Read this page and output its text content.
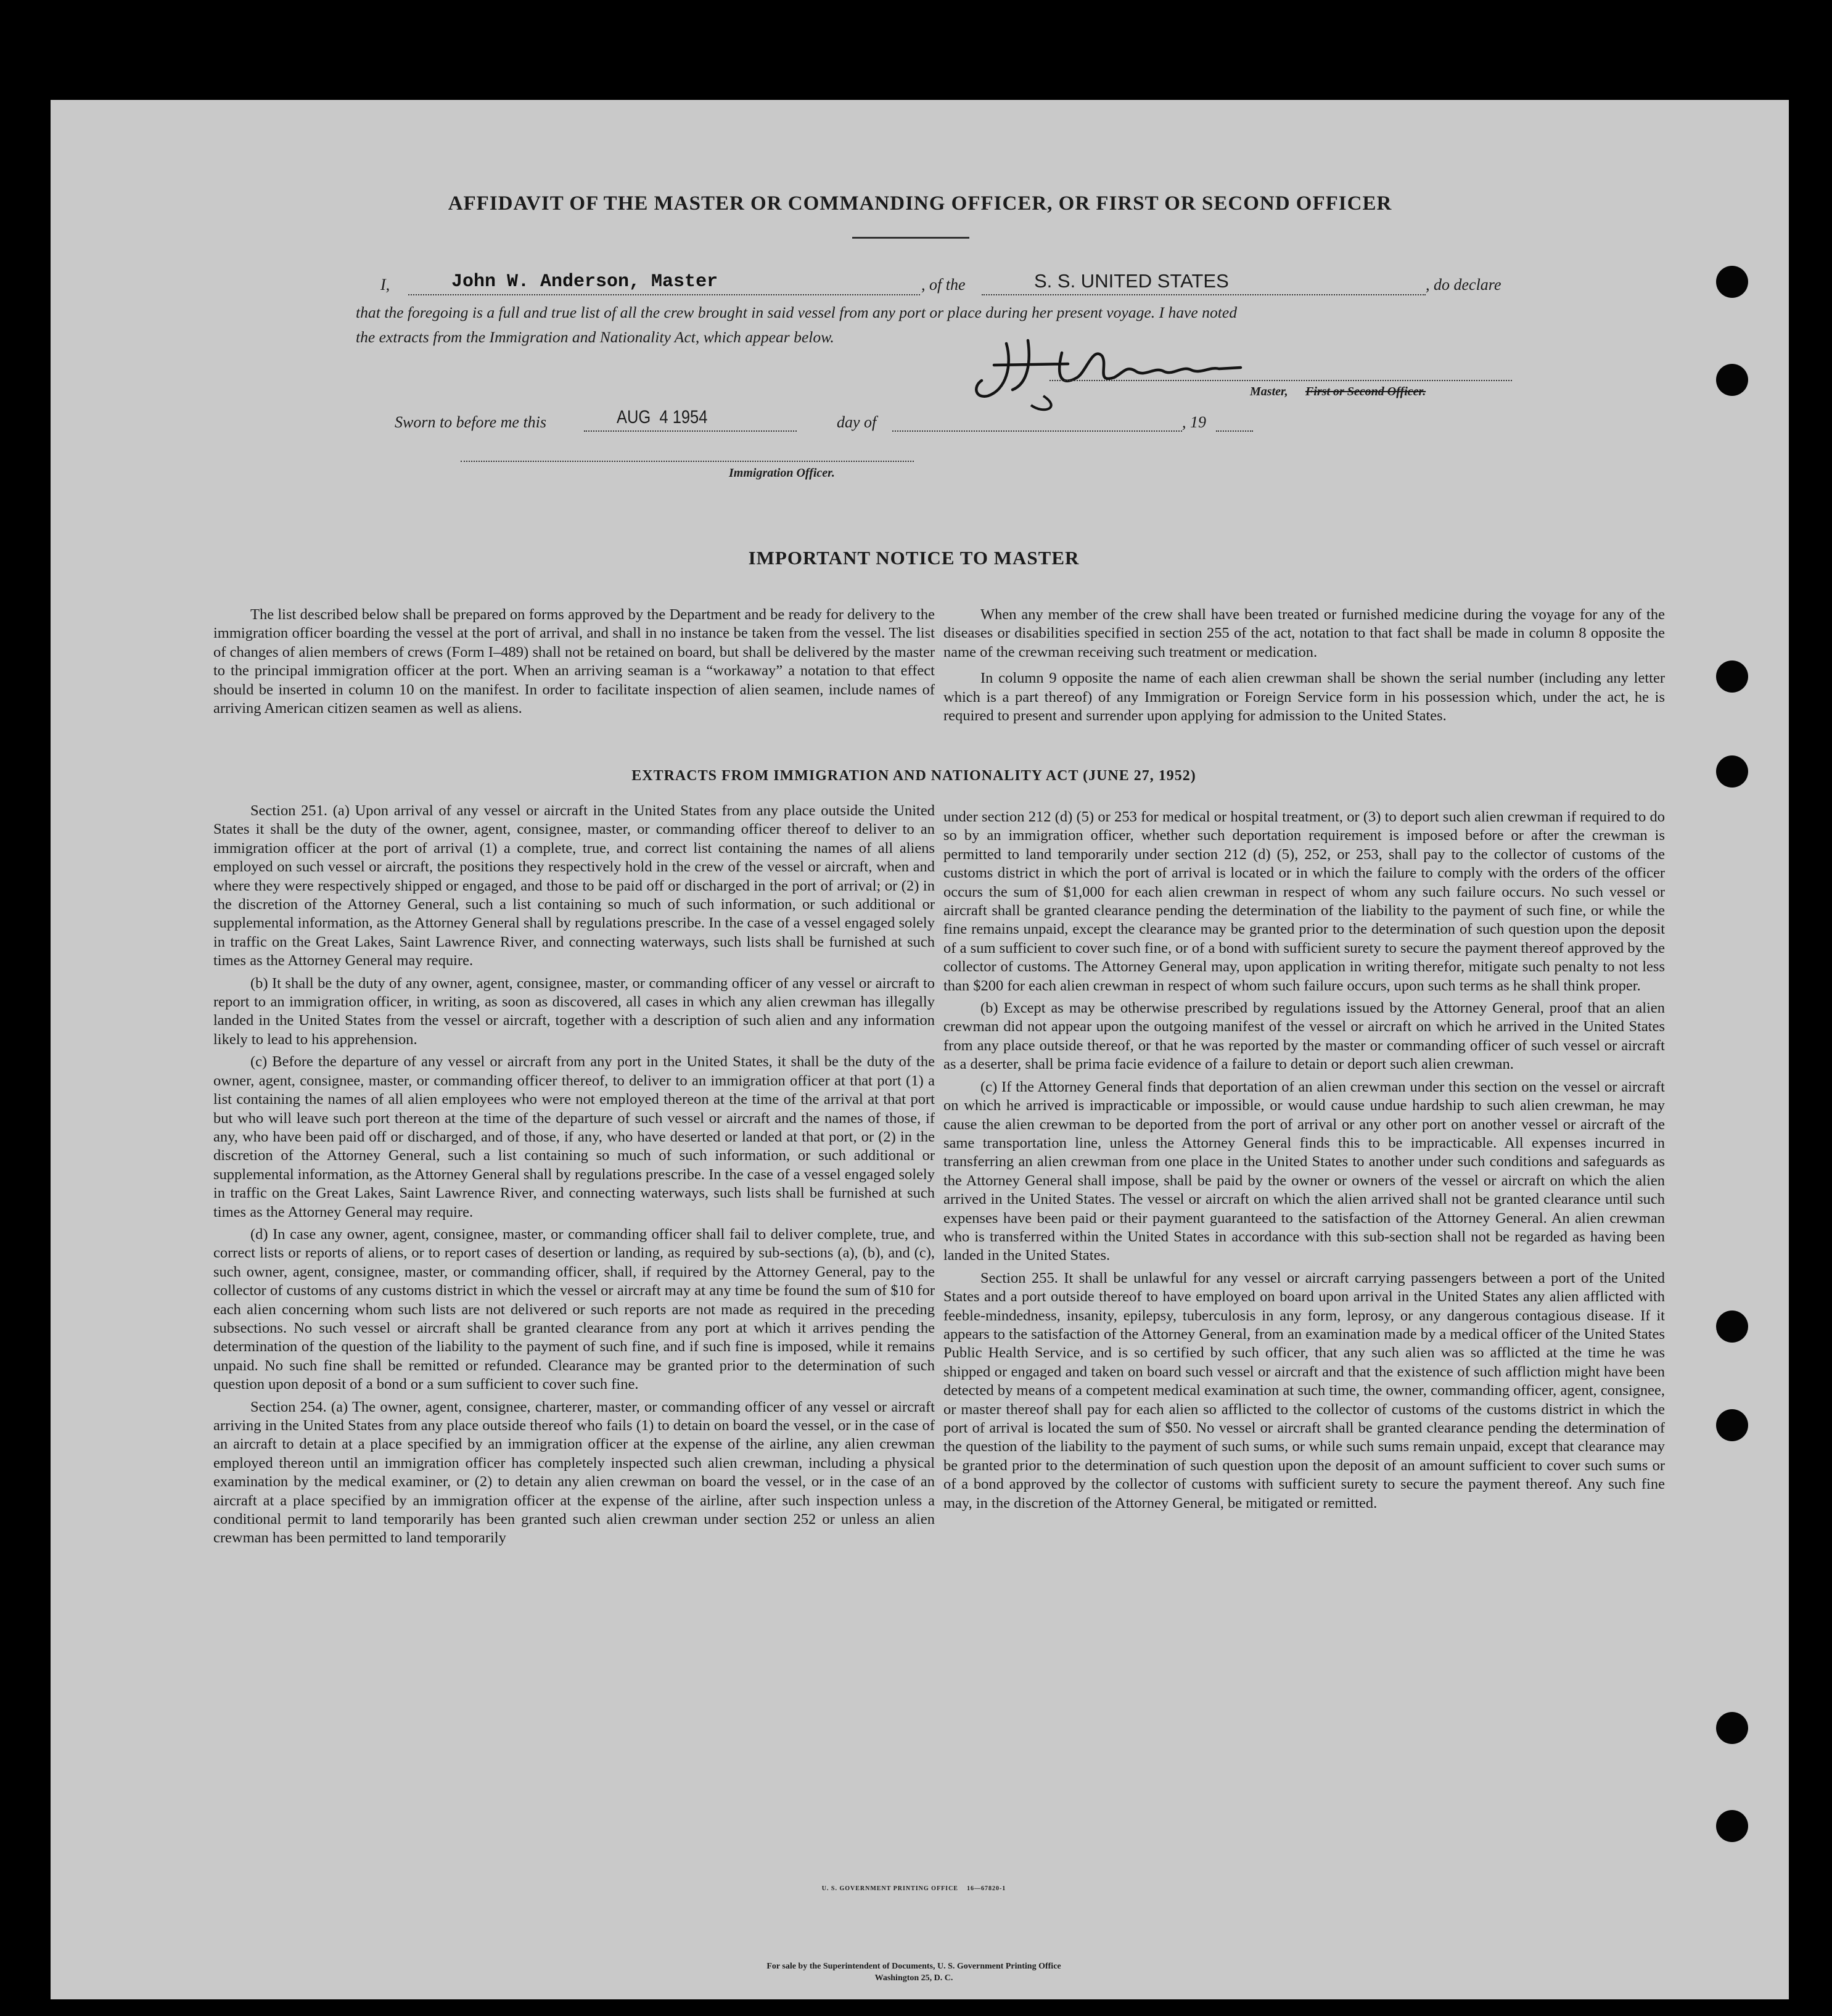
AFFIDAVIT OF THE MASTER OR COMMANDING OFFICER, OR FIRST OR SECOND OFFICER
I,	John W. Anderson, Master	, of the	S. S. UNITED STATES	, do declare
that the foregoing is a full and true list of all the crew brought in said vessel from any port or place during her present voyage. I have noted
the extracts from the Immigration and Nationality Act, which appear below.
Master, First or Second Officer.
Sworn to before me this	AUG  4 1954	day of	, 19
Immigration Officer.
IMPORTANT NOTICE TO MASTER

The list described below shall be prepared on forms approved by the Department and be ready for delivery to the immigration officer boarding the vessel at the port of arrival, and shall in no instance be taken from the vessel. The list of changes of alien members of crews (Form I–489) shall not be retained on board, but shall be delivered by the master to the principal immigration officer at the port. When an arriving seaman is a “workaway” a notation to that effect should be inserted in column 10 on the manifest. In order to facilitate inspection of alien seamen, include names of arriving American citizen seamen as well as aliens.

When any member of the crew shall have been treated or furnished medicine during the voyage for any of the diseases or disabilities specified in section 255 of the act, notation to that fact shall be made in column 8 opposite the name of the crewman receiving such treatment or medication.

In column 9 opposite the name of each alien crewman shall be shown the serial number (including any letter which is a part thereof) of any Immigration or Foreign Service form in his possession which, under the act, he is required to present and surrender upon applying for admission to the United States.

EXTRACTS FROM IMMIGRATION AND NATIONALITY ACT (JUNE 27, 1952)

Section 251. (a) Upon arrival of any vessel or aircraft in the United States from any place outside the United States it shall be the duty of the owner, agent, consignee, master, or commanding officer thereof to deliver to an immigration officer at the port of arrival (1) a complete, true, and correct list containing the names of all aliens employed on such vessel or aircraft, the positions they respectively hold in the crew of the vessel or aircraft, when and where they were respectively shipped or engaged, and those to be paid off or discharged in the port of arrival; or (2) in the discretion of the Attorney General, such a list containing so much of such information, or such additional or supplemental information, as the Attorney General shall by regulations prescribe. In the case of a vessel engaged solely in traffic on the Great Lakes, Saint Lawrence River, and connecting waterways, such lists shall be furnished at such times as the Attorney General may require.

(b) It shall be the duty of any owner, agent, consignee, master, or commanding officer of any vessel or aircraft to report to an immigration officer, in writing, as soon as discovered, all cases in which any alien crewman has illegally landed in the United States from the vessel or aircraft, together with a description of such alien and any information likely to lead to his apprehension.

(c) Before the departure of any vessel or aircraft from any port in the United States, it shall be the duty of the owner, agent, consignee, master, or commanding officer thereof, to deliver to an immigration officer at that port (1) a list containing the names of all alien employees who were not employed thereon at the time of the arrival at that port but who will leave such port thereon at the time of the departure of such vessel or aircraft and the names of those, if any, who have been paid off or discharged, and of those, if any, who have deserted or landed at that port, or (2) in the discretion of the Attorney General, such a list containing so much of such information, or such additional or supplemental information, as the Attorney General shall by regulations prescribe. In the case of a vessel engaged solely in traffic on the Great Lakes, Saint Lawrence River, and connecting waterways, such lists shall be furnished at such times as the Attorney General may require.

(d) In case any owner, agent, consignee, master, or commanding officer shall fail to deliver complete, true, and correct lists or reports of aliens, or to report cases of desertion or landing, as required by sub-sections (a), (b), and (c), such owner, agent, consignee, master, or commanding officer, shall, if required by the Attorney General, pay to the collector of customs of any customs district in which the vessel or aircraft may at any time be found the sum of $10 for each alien concerning whom such lists are not delivered or such reports are not made as required in the preceding subsections. No such vessel or aircraft shall be granted clearance from any port at which it arrives pending the determination of the question of the liability to the payment of such fine, and if such fine is imposed, while it remains unpaid. No such fine shall be remitted or refunded. Clearance may be granted prior to the determination of such question upon deposit of a bond or a sum sufficient to cover such fine.

Section 254. (a) The owner, agent, consignee, charterer, master, or commanding officer of any vessel or aircraft arriving in the United States from any place outside thereof who fails (1) to detain on board the vessel, or in the case of an aircraft to detain at a place specified by an immigration officer at the expense of the airline, any alien crewman employed thereon until an immigration officer has completely inspected such alien crewman, including a physical examination by the medical examiner, or (2) to detain any alien crewman on board the vessel, or in the case of an aircraft at a place specified by an immigration officer at the expense of the airline, after such inspection unless a conditional permit to land temporarily has been granted such alien crewman under section 252 or unless an alien crewman has been permitted to land temporarily

under section 212 (d) (5) or 253 for medical or hospital treatment, or (3) to deport such alien crewman if required to do so by an immigration officer, whether such deportation requirement is imposed before or after the crewman is permitted to land temporarily under section 212 (d) (5), 252, or 253, shall pay to the collector of customs of the customs district in which the port of arrival is located or in which the failure to comply with the orders of the officer occurs the sum of $1,000 for each alien crewman in respect of whom any such failure occurs. No such vessel or aircraft shall be granted clearance pending the determination of the liability to the payment of such fine, or while the fine remains unpaid, except the clearance may be granted prior to the determination of such question upon the deposit of a sum sufficient to cover such fine, or of a bond with sufficient surety to secure the payment thereof approved by the collector of customs. The Attorney General may, upon application in writing therefor, mitigate such penalty to not less than $200 for each alien crewman in respect of whom such failure occurs, upon such terms as he shall think proper.

(b) Except as may be otherwise prescribed by regulations issued by the Attorney General, proof that an alien crewman did not appear upon the outgoing manifest of the vessel or aircraft on which he arrived in the United States from any place outside thereof, or that he was reported by the master or commanding officer of such vessel or aircraft as a deserter, shall be prima facie evidence of a failure to detain or deport such alien crewman.

(c) If the Attorney General finds that deportation of an alien crewman under this section on the vessel or aircraft on which he arrived is impracticable or impossible, or would cause undue hardship to such alien crewman, he may cause the alien crewman to be deported from the port of arrival or any other port on another vessel or aircraft of the same transportation line, unless the Attorney General finds this to be impracticable. All expenses incurred in transferring an alien crewman from one place in the United States to another under such conditions and safeguards as the Attorney General shall impose, shall be paid by the owner or owners of the vessel or aircraft on which the alien arrived in the United States. The vessel or aircraft on which the alien arrived shall not be granted clearance until such expenses have been paid or their payment guaranteed to the satisfaction of the Attorney General. An alien crewman who is transferred within the United States in accordance with this sub-section shall not be regarded as having been landed in the United States.

Section 255. It shall be unlawful for any vessel or aircraft carrying passengers between a port of the United States and a port outside thereof to have employed on board upon arrival in the United States any alien afflicted with feeble-mindedness, insanity, epilepsy, tuberculosis in any form, leprosy, or any dangerous contagious disease. If it appears to the satisfaction of the Attorney General, from an examination made by a medical officer of the United States Public Health Service, and is so certified by such officer, that any such alien was so afflicted at the time he was shipped or engaged and taken on board such vessel or aircraft and that the existence of such affliction might have been detected by means of a competent medical examination at such time, the owner, commanding officer, agent, consignee, or master thereof shall pay for each alien so afflicted to the collector of customs of the customs district in which the port of arrival is located the sum of $50. No vessel or aircraft shall be granted clearance pending the determination of the question of the liability to the payment of such sums, or while such sums remain unpaid, except that clearance may be granted prior to the determination of such question upon the deposit of an amount sufficient to cover such sums or of a bond approved by the collector of customs with sufficient surety to secure the payment thereof. Any such fine may, in the discretion of the Attorney General, be mitigated or remitted.

U. S. GOVERNMENT PRINTING OFFICE    16—67820-1
For sale by the Superintendent of Documents, U. S. Government Printing Office
Washington 25, D. C.
